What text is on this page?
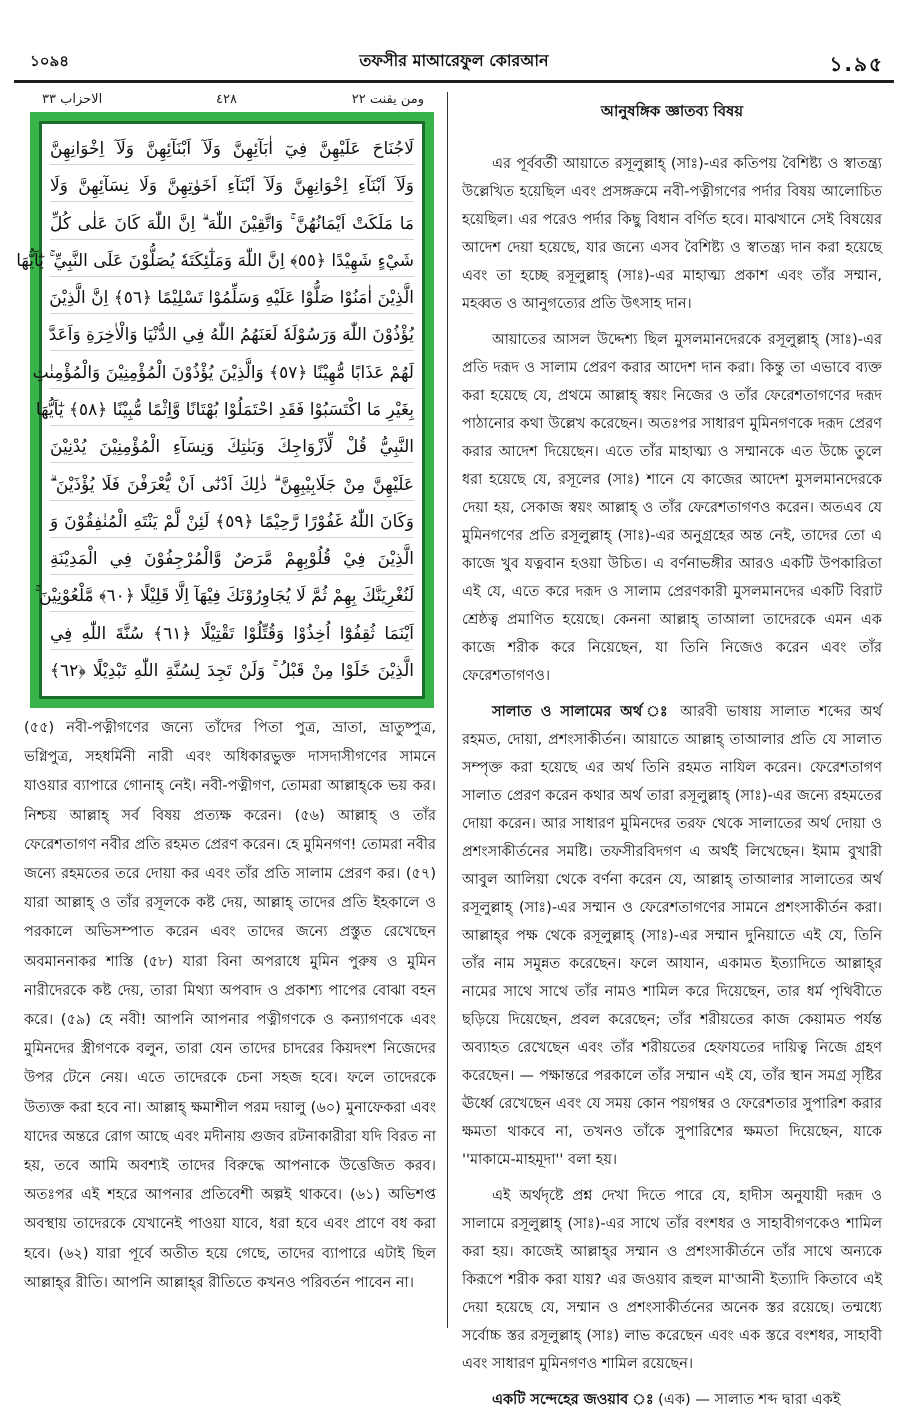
১০৯৪	তফসীর মাআরেফুল কোরআন	১.৯৫
الاحزاب ٣٣	٤٢٨	ومن يقنت ٢٢
لَاجُنَاحَ عَلَيْهِنَّ فِيٓ اٰبَآئِهِنَّ وَلَآ اَبْنَآئِهِنَّ وَلَآ اِخْوَانِهِنَّ
وَلَآ اَبْنَآءِ اِخْوَانِهِنَّ وَلَآ اَبْنَآءِ اَخَوٰتِهِنَّ وَلَا نِسَآئِهِنَّ وَلَا
مَا مَلَكَتْ اَيْمَانُهُنَّ ۚ وَاتَّقِيْنَ اللّٰهَ ۗ اِنَّ اللّٰهَ كَانَ عَلٰى كُلِّ
شَيْءٍ شَهِيْدًا ﴿٥٥﴾ اِنَّ اللّٰهَ وَمَلٰٓئِكَتَهٗ يُصَلُّوْنَ عَلَى النَّبِيِّ ۚ يٰٓاَيُّهَا
الَّذِيْنَ اٰمَنُوْا صَلُّوْا عَلَيْهِ وَسَلِّمُوْا تَسْلِيْمًا ﴿٥٦﴾ اِنَّ الَّذِيْنَ
يُؤْذُوْنَ اللّٰهَ وَرَسُوْلَهٗ لَعَنَهُمُ اللّٰهُ فِي الدُّنْيَا وَالْاٰخِرَةِ وَاَعَدَّ
لَهُمْ عَذَابًا مُّهِيْنًا ﴿٥٧﴾ وَالَّذِيْنَ يُؤْذُوْنَ الْمُؤْمِنِيْنَ وَالْمُؤْمِنٰتِ
بِغَيْرِ مَا اكْتَسَبُوْا فَقَدِ احْتَمَلُوْا بُهْتَانًا وَّاِثْمًا مُّبِيْنًا ﴿٥٨﴾ يٰٓاَيُّهَا
النَّبِيُّ قُلْ لِّاَزْوَاجِكَ وَبَنٰتِكَ وَنِسَآءِ الْمُؤْمِنِيْنَ يُدْنِيْنَ
عَلَيْهِنَّ مِنْ جَلَابِيْبِهِنَّ ۗ ذٰلِكَ اَدْنٰٓى اَنْ يُّعْرَفْنَ فَلَا يُؤْذَيْنَ ۗ
وَكَانَ اللّٰهُ غَفُوْرًا رَّحِيْمًا ﴿٥٩﴾ لَئِنْ لَّمْ يَنْتَهِ الْمُنٰفِقُوْنَ وَ
الَّذِيْنَ فِيْ قُلُوْبِهِمْ مَّرَضٌ وَّالْمُرْجِفُوْنَ فِي الْمَدِيْنَةِ
لَنُغْرِيَنَّكَ بِهِمْ ثُمَّ لَا يُجَاوِرُوْنَكَ فِيْهَآ اِلَّا قَلِيْلًا ﴿٦٠﴾ مَّلْعُوْنِيْنَ ۚ
اَيْنَمَا ثُقِفُوْٓا اُخِذُوْا وَقُتِّلُوْا تَقْتِيْلًا ﴿٦١﴾ سُنَّةَ اللّٰهِ فِي
الَّذِيْنَ خَلَوْا مِنْ قَبْلُ ۚ وَلَنْ تَجِدَ لِسُنَّةِ اللّٰهِ تَبْدِيْلًا ﴿٦٢﴾
(৫৫) নবী-পত্নীগণের জন্যে তাঁদের পিতা পুত্র, ভ্রাতা, ভ্রাতুষ্পুত্র, ভগ্নিপুত্র, সহধর্মিনী নারী এবং অধিকারভুক্ত দাসদাসীগণের সামনে যাওয়ার ব্যাপারে গোনাহ্ নেই। নবী-পত্নীগণ, তোমরা আল্লাহ্‌কে ভয় কর। নিশ্চয় আল্লাহ্ সর্ব বিষয় প্রত্যক্ষ করেন। (৫৬) আল্লাহ্ ও তাঁর ফেরেশতাগণ নবীর প্রতি রহমত প্রেরণ করেন। হে মুমিনগণ! তোমরা নবীর জন্যে রহমতের তরে দোয়া কর এবং তাঁর প্রতি সালাম প্রেরণ কর। (৫৭) যারা আল্লাহ্ ও তাঁর রসূলকে কষ্ট দেয়, আল্লাহ্ তাদের প্রতি ইহকালে ও পরকালে অভিসম্পাত করেন এবং তাদের জন্যে প্রস্তুত রেখেছেন অবমাননাকর শাস্তি (৫৮) যারা বিনা অপরাধে মুমিন পুরুষ ও মুমিন নারীদেরকে কষ্ট দেয়, তারা মিথ্যা অপবাদ ও প্রকাশ্য পাপের বোঝা বহন করে। (৫৯) হে নবী! আপনি আপনার পত্নীগণকে ও কন্যাগণকে এবং মুমিনদের স্ত্রীগণকে বলুন, তারা যেন তাদের চাদরের কিয়দংশ নিজেদের উপর টেনে নেয়। এতে তাদেরকে চেনা সহজ হবে। ফলে তাদেরকে উত্যক্ত করা হবে না। আল্লাহ্ ক্ষমাশীল পরম দয়ালু (৬০) মুনাফেকরা এবং যাদের অন্তরে রোগ আছে এবং মদীনায় গুজব রটনাকারীরা যদি বিরত না হয়, তবে আমি অবশ্যই তাদের বিরুদ্ধে আপনাকে উত্তেজিত করব। অতঃপর এই শহরে আপনার প্রতিবেশী অল্পই থাকবে। (৬১) অভিশপ্ত অবস্থায় তাদেরকে যেখানেই পাওয়া যাবে, ধরা হবে এবং প্রাণে বধ করা হবে। (৬২) যারা পূর্বে অতীত হয়ে গেছে, তাদের ব্যাপারে এটাই ছিল আল্লাহ্‌র রীতি। আপনি আল্লাহ্‌র রীতিতে কখনও পরিবর্তন পাবেন না।
আনুষঙ্গিক জ্ঞাতব্য বিষয়

এর পূর্ববর্তী আয়াতে রসূলুল্লাহ্ (সাঃ)-এর কতিপয় বৈশিষ্ট্য ও স্বাতন্ত্র্য উল্লেখিত হয়েছিল এবং প্রসঙ্গক্রমে নবী-পত্নীগণের পর্দার বিষয় আলোচিত হয়েছিল। এর পরেও পর্দার কিছু বিধান বর্ণিত হবে। মাঝখানে সেই বিষয়ের আদেশ দেয়া হয়েছে, যার জন্যে এসব বৈশিষ্ট্য ও স্বাতন্ত্র্য দান করা হয়েছে এবং তা হচ্ছে রসূলুল্লাহ্ (সাঃ)-এর মাহাত্ম্য প্রকাশ এবং তাঁর সম্মান, মহব্বত ও আনুগত্যের প্রতি উৎসাহ দান।

আয়াতের আসল উদ্দেশ্য ছিল মুসলমানদেরকে রসূলুল্লাহ্ (সাঃ)-এর প্রতি দরূদ ও সালাম প্রেরণ করার আদেশ দান করা। কিন্তু তা এভাবে ব্যক্ত করা হয়েছে যে, প্রথমে আল্লাহ্ স্বয়ং নিজের ও তাঁর ফেরেশতাগণের দরূদ পাঠানোর কথা উল্লেখ করেছেন। অতঃপর সাধারণ মুমিনগণকে দরূদ প্রেরণ করার আদেশ দিয়েছেন। এতে তাঁর মাহাত্ম্য ও সম্মানকে এত উচ্চে তুলে ধরা হয়েছে যে, রসূলের (সাঃ) শানে যে কাজের আদেশ মুসলমানদেরকে দেয়া হয়, সেকাজ স্বয়ং আল্লাহ্ ও তাঁর ফেরেশতাগণও করেন। অতএব যে মুমিনগণের প্রতি রসূলুল্লাহ্ (সাঃ)-এর অনুগ্রহের অন্ত নেই, তাদের তো এ কাজে খুব যত্নবান হওয়া উচিত। এ বর্ণনাভঙ্গীর আরও একটি উপকারিতা এই যে, এতে করে দরূদ ও সালাম প্রেরণকারী মুসলমানদের একটি বিরাট শ্রেষ্ঠত্ব প্রমাণিত হয়েছে। কেননা আল্লাহ্ তাআলা তাদেরকে এমন এক কাজে শরীক করে নিয়েছেন, যা তিনি নিজেও করেন এবং তাঁর ফেরেশতাগণও।

সালাত ও সালামের অর্থ ঃ আরবী ভাষায় সালাত শব্দের অর্থ রহমত, দোয়া, প্রশংসাকীর্তন। আয়াতে আল্লাহ্ তাআলার প্রতি যে সালাত সম্পৃক্ত করা হয়েছে এর অর্থ তিনি রহমত নাযিল করেন। ফেরেশতাগণ সালাত প্রেরণ করেন কথার অর্থ তারা রসূলুল্লাহ্ (সাঃ)-এর জন্যে রহমতের দোয়া করেন। আর সাধারণ মুমিনদের তরফ থেকে সালাতের অর্থ দোয়া ও প্রশংসাকীর্তনের সমষ্টি। তফসীরবিদগণ এ অর্থই লিখেছেন। ইমাম বুখারী আবুল আলিয়া থেকে বর্ণনা করেন যে, আল্লাহ্ তাআলার সালাতের অর্থ রসূলুল্লাহ্ (সাঃ)-এর সম্মান ও ফেরেশতাগণের সামনে প্রশংসাকীর্তন করা। আল্লাহ্‌র পক্ষ থেকে রসূলুল্লাহ্ (সাঃ)-এর সম্মান দুনিয়াতে এই যে, তিনি তাঁর নাম সমুন্নত করেছেন। ফলে আযান, একামত ইত্যাদিতে আল্লাহ্‌র নামের সাথে সাথে তাঁর নামও শামিল করে দিয়েছেন, তার ধর্ম পৃথিবীতে ছড়িয়ে দিয়েছেন, প্রবল করেছেন; তাঁর শরীয়তের কাজ কেয়ামত পর্যন্ত অব্যাহত রেখেছেন এবং তাঁর শরীয়তের হেফাযতের দায়িত্ব নিজে গ্রহণ করেছেন। — পক্ষান্তরে পরকালে তাঁর সম্মান এই যে, তাঁর স্থান সমগ্র সৃষ্টির ঊর্ধ্বে রেখেছেন এবং যে সময় কোন পয়গম্বর ও ফেরেশতার সুপারিশ করার ক্ষমতা থাকবে না, তখনও তাঁকে সুপারিশের ক্ষমতা দিয়েছেন, যাকে ''মাকামে-মাহমূদা'' বলা হয়।

এই অর্থদৃষ্টে প্রশ্ন দেখা দিতে পারে যে, হাদীস অনুযায়ী দরূদ ও সালামে রসূলুল্লাহ্ (সাঃ)-এর সাথে তাঁর বংশধর ও সাহাবীগণকেও শামিল করা হয়। কাজেই আল্লাহ্‌র সম্মান ও প্রশংসাকীর্তনে তাঁর সাথে অন্যকে কিরূপে শরীক করা যায়? এর জওয়াব রূহুল মা'আনী ইত্যাদি কিতাবে এই দেয়া হয়েছে যে, সম্মান ও প্রশংসাকীর্তনের অনেক স্তর রয়েছে। তন্মধ্যে সর্বোচ্চ স্তর রসূলুল্লাহ্ (সাঃ) লাভ করেছেন এবং এক স্তরে বংশধর, সাহাবী এবং সাধারণ মুমিনগণও শামিল রয়েছেন।

একটি সন্দেহের জওয়াব ঃ (এক) — সালাত শব্দ দ্বারা একই
